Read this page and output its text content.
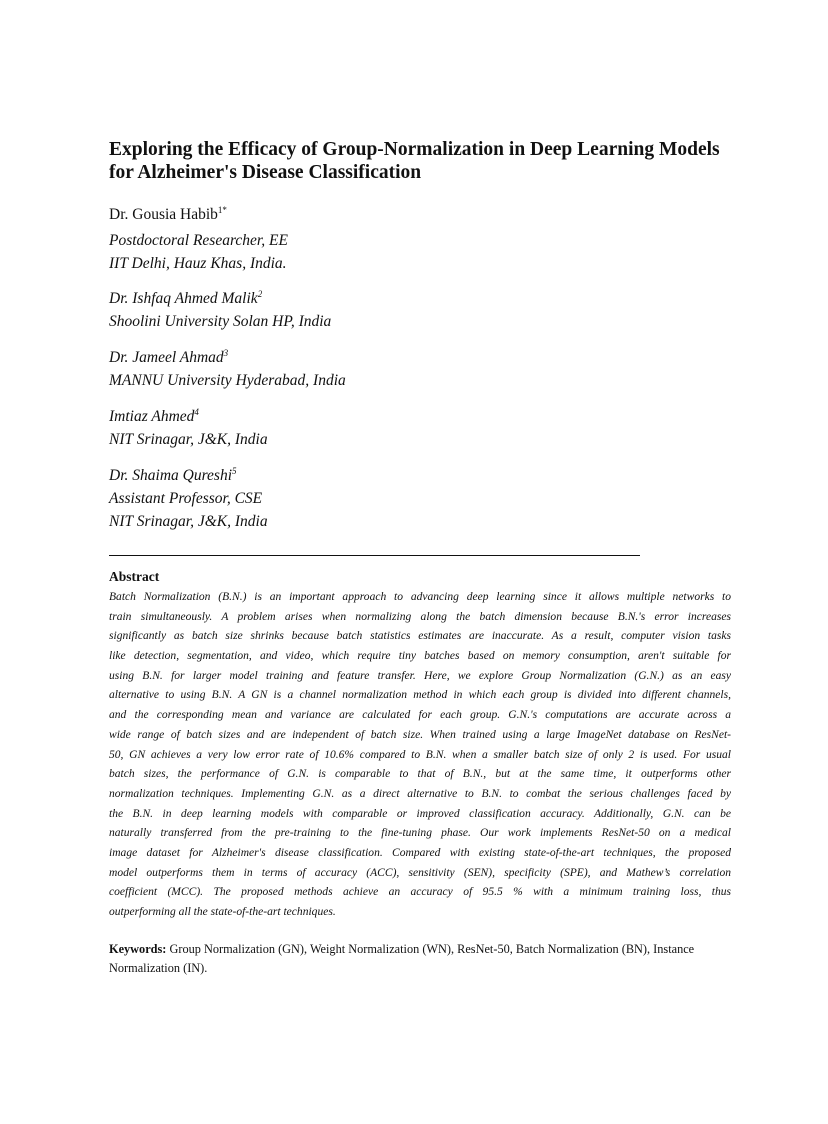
Exploring the Efficacy of Group-Normalization in Deep Learning Models
for Alzheimer's Disease Classification
Dr. Gousia Habib$^{1*}$
Postdoctoral Researcher, EE
IIT Delhi, Hauz Khas, India.
Dr. Ishfaq Ahmed Malik$^2$
Shoolini University Solan HP, India
Dr. Jameel Ahmad$^3$
MANNU University Hyderabad, India
Imtiaz Ahmed$^4$
NIT Srinagar, J&K, India
Dr. Shaima Qureshi$^5$
Assistant Professor, CSE
NIT Srinagar, J&K, India
Abstract
Batch Normalization (B.N.) is an important approach to advancing deep learning since it allows multiple networks to
train simultaneously. A problem arises when normalizing along the batch dimension because B.N.'s error increases
significantly as batch size shrinks because batch statistics estimates are inaccurate. As a result, computer vision tasks
like detection, segmentation, and video, which require tiny batches based on memory consumption, aren't suitable for
using B.N. for larger model training and feature transfer. Here, we explore Group Normalization (G.N.) as an easy
alternative to using B.N. A GN is a channel normalization method in which each group is divided into different channels,
and the corresponding mean and variance are calculated for each group. G.N.'s computations are accurate across a
wide range of batch sizes and are independent of batch size. When trained using a large ImageNet database on ResNet-
50, GN achieves a very low error rate of 10.6% compared to B.N. when a smaller batch size of only 2 is used. For usual
batch sizes, the performance of G.N. is comparable to that of B.N., but at the same time, it outperforms other
normalization techniques. Implementing G.N. as a direct alternative to B.N. to combat the serious challenges faced by
the B.N. in deep learning models with comparable or improved classification accuracy. Additionally, G.N. can be
naturally transferred from the pre-training to the fine-tuning phase. Our work implements ResNet-50 on a medical
image dataset for Alzheimer's disease classification. Compared with existing state-of-the-art techniques, the proposed
model outperforms them in terms of accuracy (ACC), sensitivity (SEN), specificity (SPE), and Mathew’s correlation
coefficient (MCC). The proposed methods achieve an accuracy of 95.5 % with a minimum training loss, thus
outperforming all the state-of-the-art techniques.
Keywords: Group Normalization (GN), Weight Normalization (WN), ResNet-50, Batch Normalization (BN), Instance
Normalization (IN).
